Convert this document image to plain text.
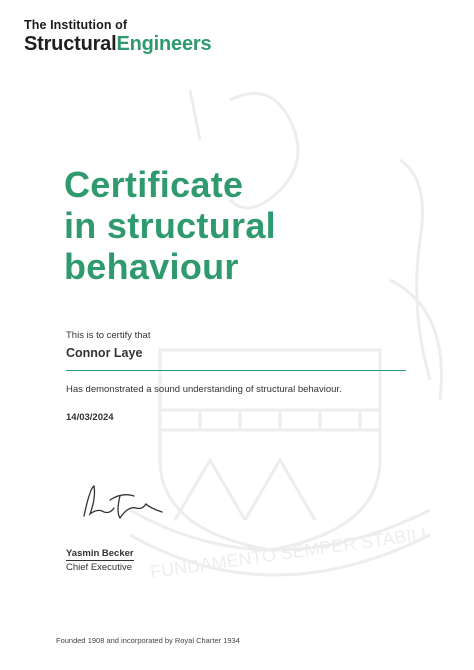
FUNDAMENTO SEMPER STABILI
The Institution of
StructuralEngineers
Certificate
in structural
behaviour
This is to certify that
Connor Laye
Has demonstrated a sound understanding of structural behaviour.
14/03/2024
Yasmin Becker
Chief Executive
Founded 1908 and incorporated by Royal Charter 1934
